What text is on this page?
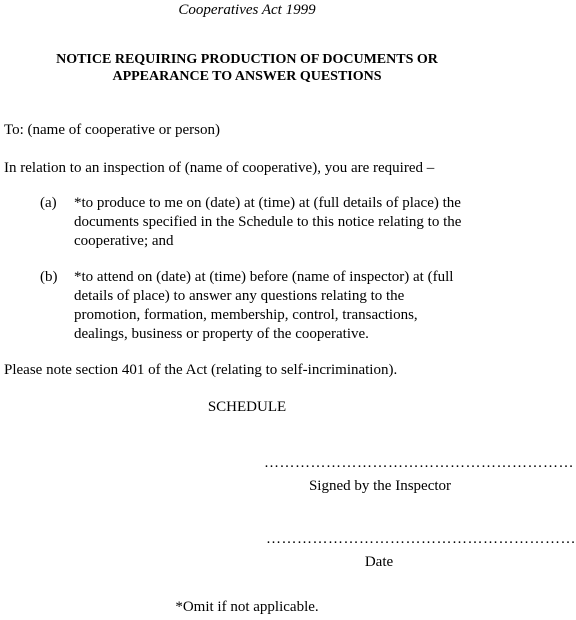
Cooperatives Act 1999
NOTICE REQUIRING PRODUCTION OF DOCUMENTS OR
APPEARANCE TO ANSWER QUESTIONS
To: (name of cooperative or person)
In relation to an inspection of (name of cooperative), you are required –
(a)	*to produce to me on (date) at (time) at (full details of place) the
documents specified in the Schedule to this notice relating to the
cooperative; and
(b)	*to attend on (date) at (time) before (name of inspector) at (full
details of place) to answer any questions relating to the
promotion, formation, membership, control, transactions,
dealings, business or property of the cooperative.
Please note section 401 of the Act (relating to self-incrimination).
SCHEDULE
……………………………………………………
Signed by the Inspector
……………………………………………………
Date
*Omit if not applicable.
